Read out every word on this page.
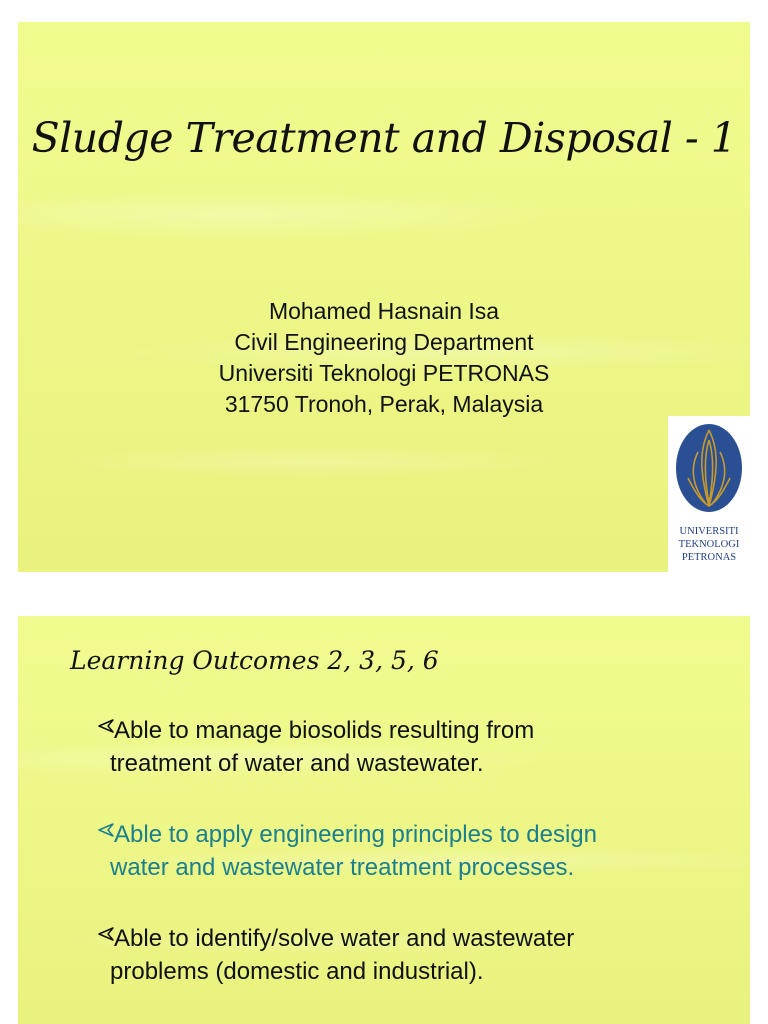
Sludge Treatment and Disposal - 1
Mohamed Hasnain Isa
Civil Engineering Department
Universiti Teknologi PETRONAS
31750 Tronoh, Perak, Malaysia
UNIVERSITI
TEKNOLOGI
PETRONAS
Learning Outcomes 2, 3, 5, 6
Able to manage biosolids resulting from
treatment of water and wastewater.
Able to apply engineering principles to design
water and wastewater treatment processes.
Able to identify/solve water and wastewater
problems (domestic and industrial).
